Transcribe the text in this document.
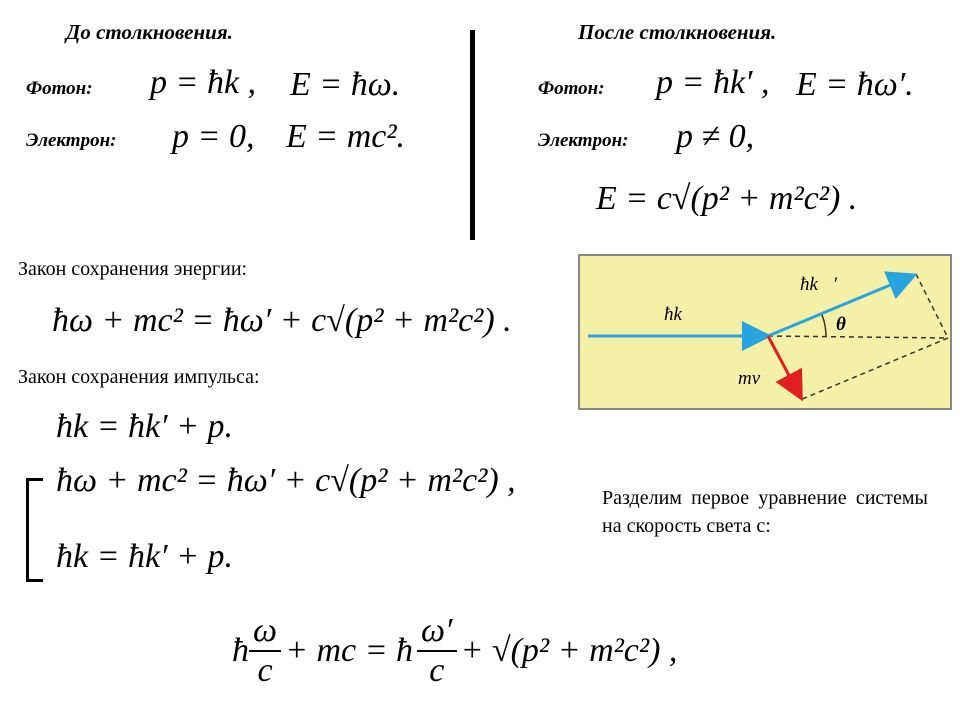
До столкновения.	После столкновения.
Фотон: p = ħk , E = ħω.
Электрон: p = 0, E = mc².
Фотон: p = ħk′ , E = ħω′.
Электрон: p ≠ 0,
E = c√(p² + m²c²) .
Закон сохранения энергии:
ħω + mc² = ħω′ + c√(p² + m²c²) .
Закон сохранения импульса:
ħk = ħk′ + p.
ħω + mc² = ħω′ + c√(p² + m²c²) ,
ħk = ħk′ + p.
Разделим первое уравнение системы на скорость света c:
ħ $\frac{\omega}{c}$ + mc = ħ $\frac{\omega'}{c} + √(p^2 + m^2c^2)$ ,
ħk⃗
ħk⃗′
mv⃗
θ
